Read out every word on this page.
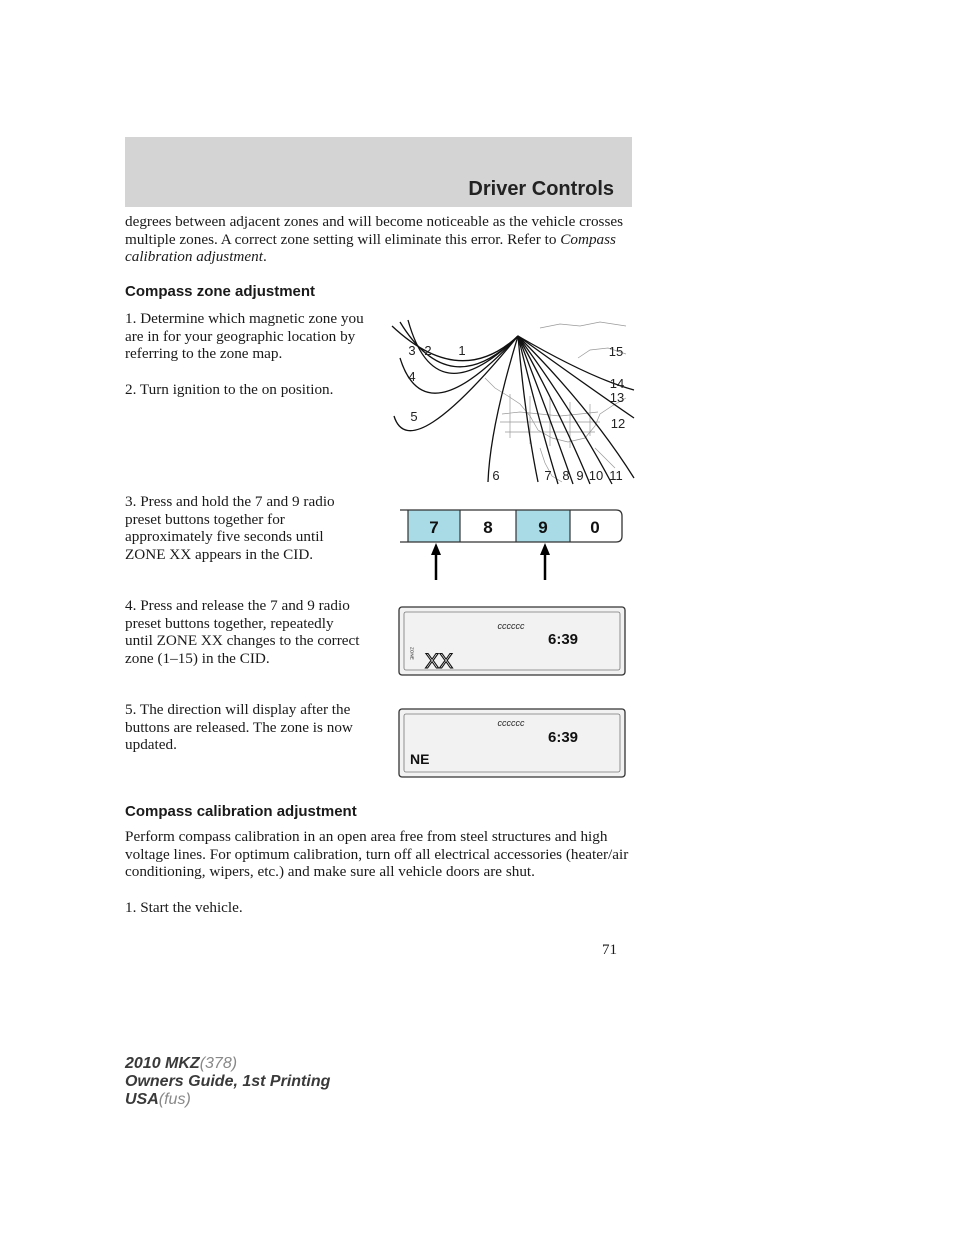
Driver Controls

degrees between adjacent zones and will become noticeable as the vehicle crosses multiple zones. A correct zone setting will eliminate this error. Refer to Compass calibration adjustment.

Compass zone adjustment
1. Determine which magnetic zone you are in for your geographic location by referring to the zone map.
2. Turn ignition to the on position.
3. Press and hold the 7 and 9 radio preset buttons together for approximately five seconds until ZONE XX appears in the CID.
4. Press and release the 7 and 9 radio preset buttons together, repeatedly until ZONE XX changes to the correct zone (1–15) in the CID.
5. The direction will display after the buttons are released. The zone is now updated.
1
2
3
4
5
6	7 8 9 10 11
12
13
14
15
7	8	9	0
cccccc
6:39
ZONE XX
cccccc
6:39
NE
Compass calibration adjustment
Perform compass calibration in an open area free from steel structures and high voltage lines. For optimum calibration, turn off all electrical accessories (heater/air conditioning, wipers, etc.) and make sure all vehicle doors are shut.
1. Start the vehicle.
71
2010 MKZ(378)
Owners Guide, 1st Printing
USA(fus)
